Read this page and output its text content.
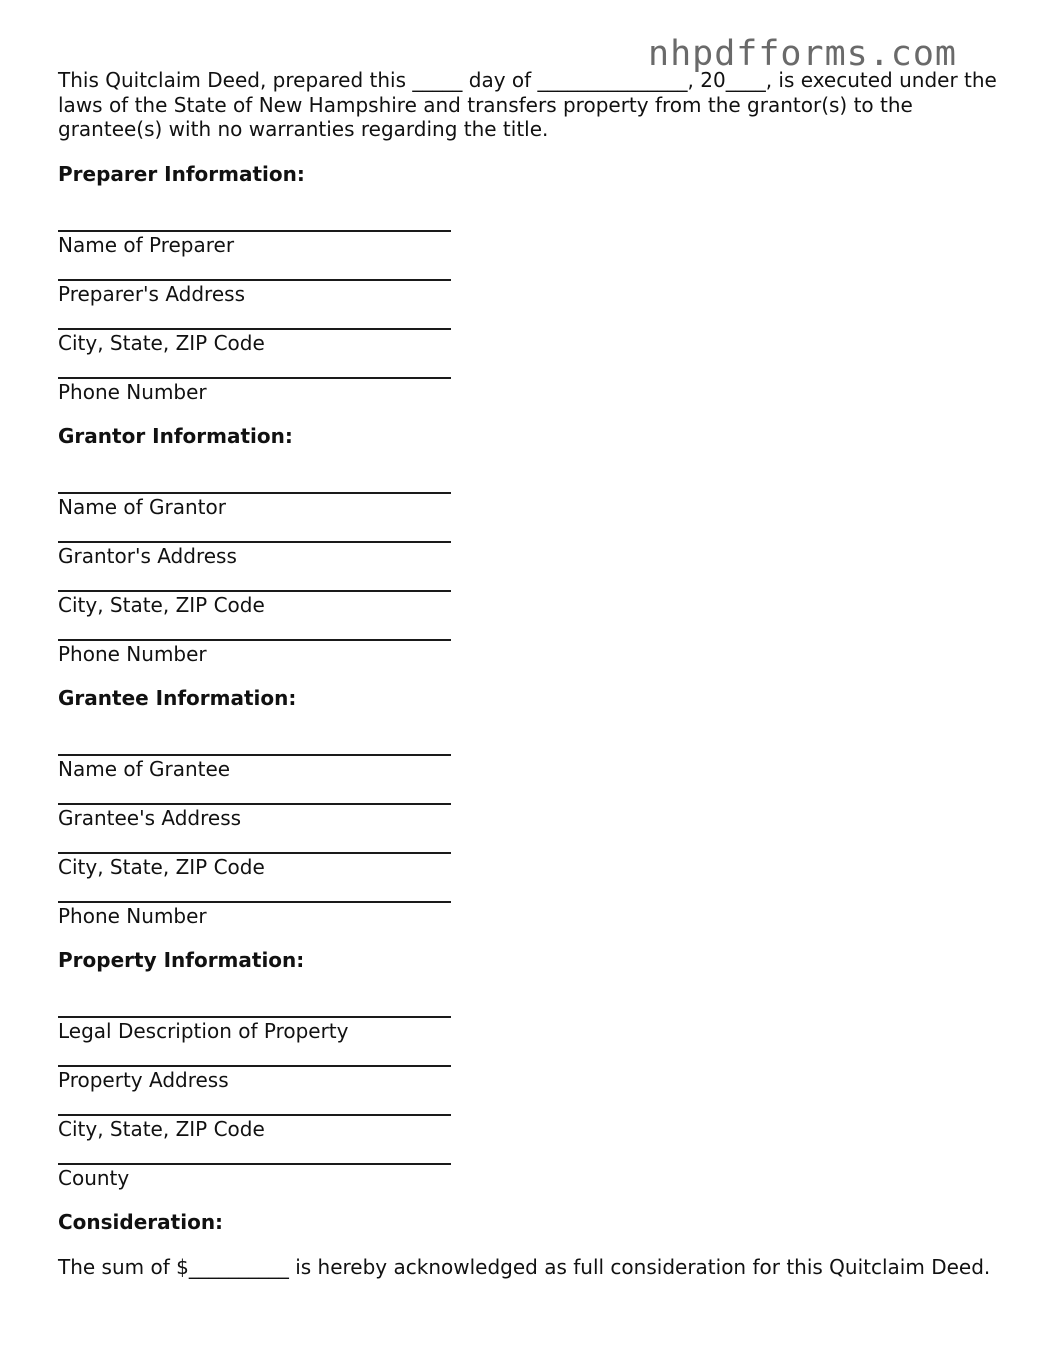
nhpdfforms.com
This Quitclaim Deed, prepared this _____ day of _______________, 20____, is executed under the laws of the State of New Hampshire and transfers property from the grantor(s) to the grantee(s) with no warranties regarding the title.
Preparer Information:
Name of Preparer
Preparer's Address
City, State, ZIP Code
Phone Number
Grantor Information:
Name of Grantor
Grantor's Address
City, State, ZIP Code
Phone Number
Grantee Information:
Name of Grantee
Grantee's Address
City, State, ZIP Code
Phone Number
Property Information:
Legal Description of Property
Property Address
City, State, ZIP Code
County
Consideration:
The sum of $__________ is hereby acknowledged as full consideration for this Quitclaim Deed.
